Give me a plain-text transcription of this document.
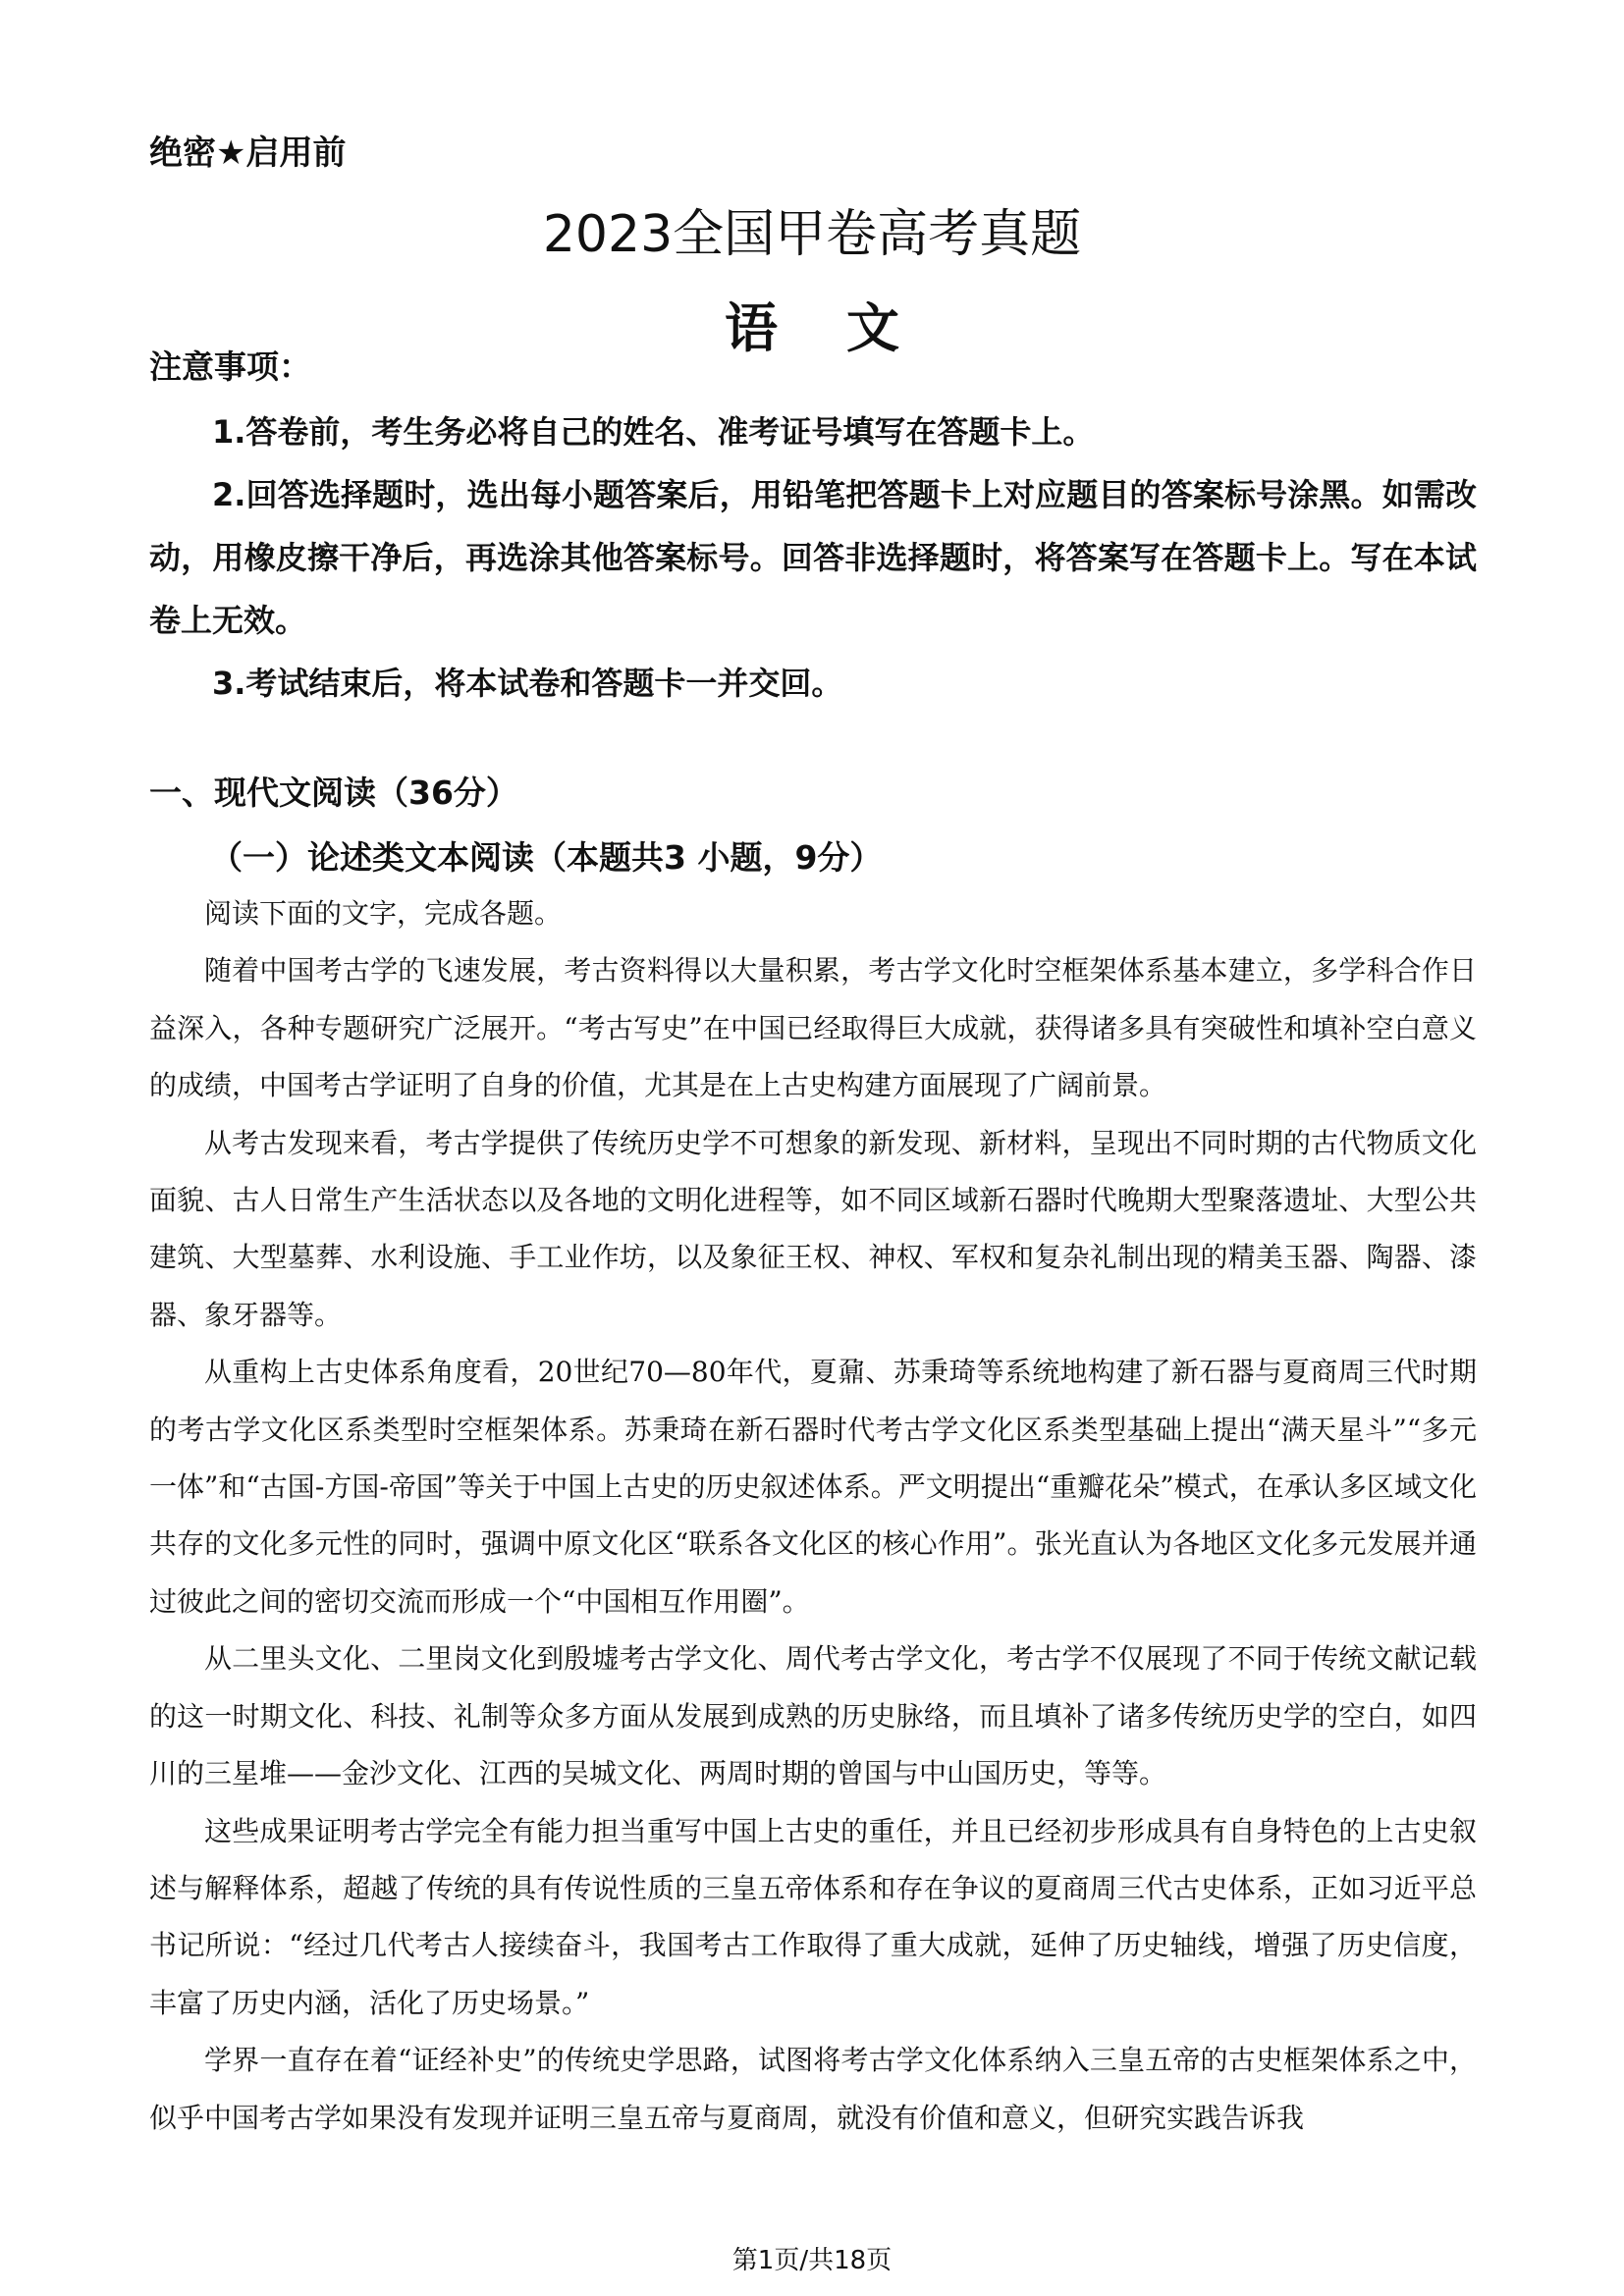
绝密★启用前
2023全国甲卷高考真题
语文
注意事项：

1.答卷前，考生务必将自己的姓名、准考证号填写在答题卡上。

2.回答选择题时，选出每小题答案后，用铅笔把答题卡上对应题目的答案标号涂黑。如需改动，用橡皮擦干净后，再选涂其他答案标号。回答非选择题时，将答案写在答题卡上。写在本试卷上无效。

3.考试结束后，将本试卷和答题卡一并交回。

一、现代文阅读（36分）
（一）论述类文本阅读（本题共3 小题，9分）

阅读下面的文字，完成各题。

随着中国考古学的飞速发展，考古资料得以大量积累，考古学文化时空框架体系基本建立，多学科合作日益深入，各种专题研究广泛展开。“考古写史”在中国已经取得巨大成就，获得诸多具有突破性和填补空白意义的成绩，中国考古学证明了自身的价值，尤其是在上古史构建方面展现了广阔前景。

从考古发现来看，考古学提供了传统历史学不可想象的新发现、新材料，呈现出不同时期的古代物质文化面貌、古人日常生产生活状态以及各地的文明化进程等，如不同区域新石器时代晚期大型聚落遗址、大型公共建筑、大型墓葬、水利设施、手工业作坊，以及象征王权、神权、军权和复杂礼制出现的精美玉器、陶器、漆器、象牙器等。

从重构上古史体系角度看，20世纪70—80年代，夏鼐、苏秉琦等系统地构建了新石器与夏商周三代时期的考古学文化区系类型时空框架体系。苏秉琦在新石器时代考古学文化区系类型基础上提出“满天星斗”“多元一体”和“古国-方国-帝国”等关于中国上古史的历史叙述体系。严文明提出“重瓣花朵”模式，在承认多区域文化共存的文化多元性的同时，强调中原文化区“联系各文化区的核心作用”。张光直认为各地区文化多元发展并通过彼此之间的密切交流而形成一个“中国相互作用圈”。

从二里头文化、二里岗文化到殷墟考古学文化、周代考古学文化，考古学不仅展现了不同于传统文献记载的这一时期文化、科技、礼制等众多方面从发展到成熟的历史脉络，而且填补了诸多传统历史学的空白，如四川的三星堆——金沙文化、江西的吴城文化、两周时期的曾国与中山国历史，等等。

这些成果证明考古学完全有能力担当重写中国上古史的重任，并且已经初步形成具有自身特色的上古史叙述与解释体系，超越了传统的具有传说性质的三皇五帝体系和存在争议的夏商周三代古史体系，正如习近平总书记所说：“经过几代考古人接续奋斗，我国考古工作取得了重大成就，延伸了历史轴线，增强了历史信度，丰富了历史内涵，活化了历史场景。”

学界一直存在着“证经补史”的传统史学思路，试图将考古学文化体系纳入三皇五帝的古史框架体系之中，似乎中国考古学如果没有发现并证明三皇五帝与夏商周，就没有价值和意义，但研究实践告诉我

第1页/共18页
